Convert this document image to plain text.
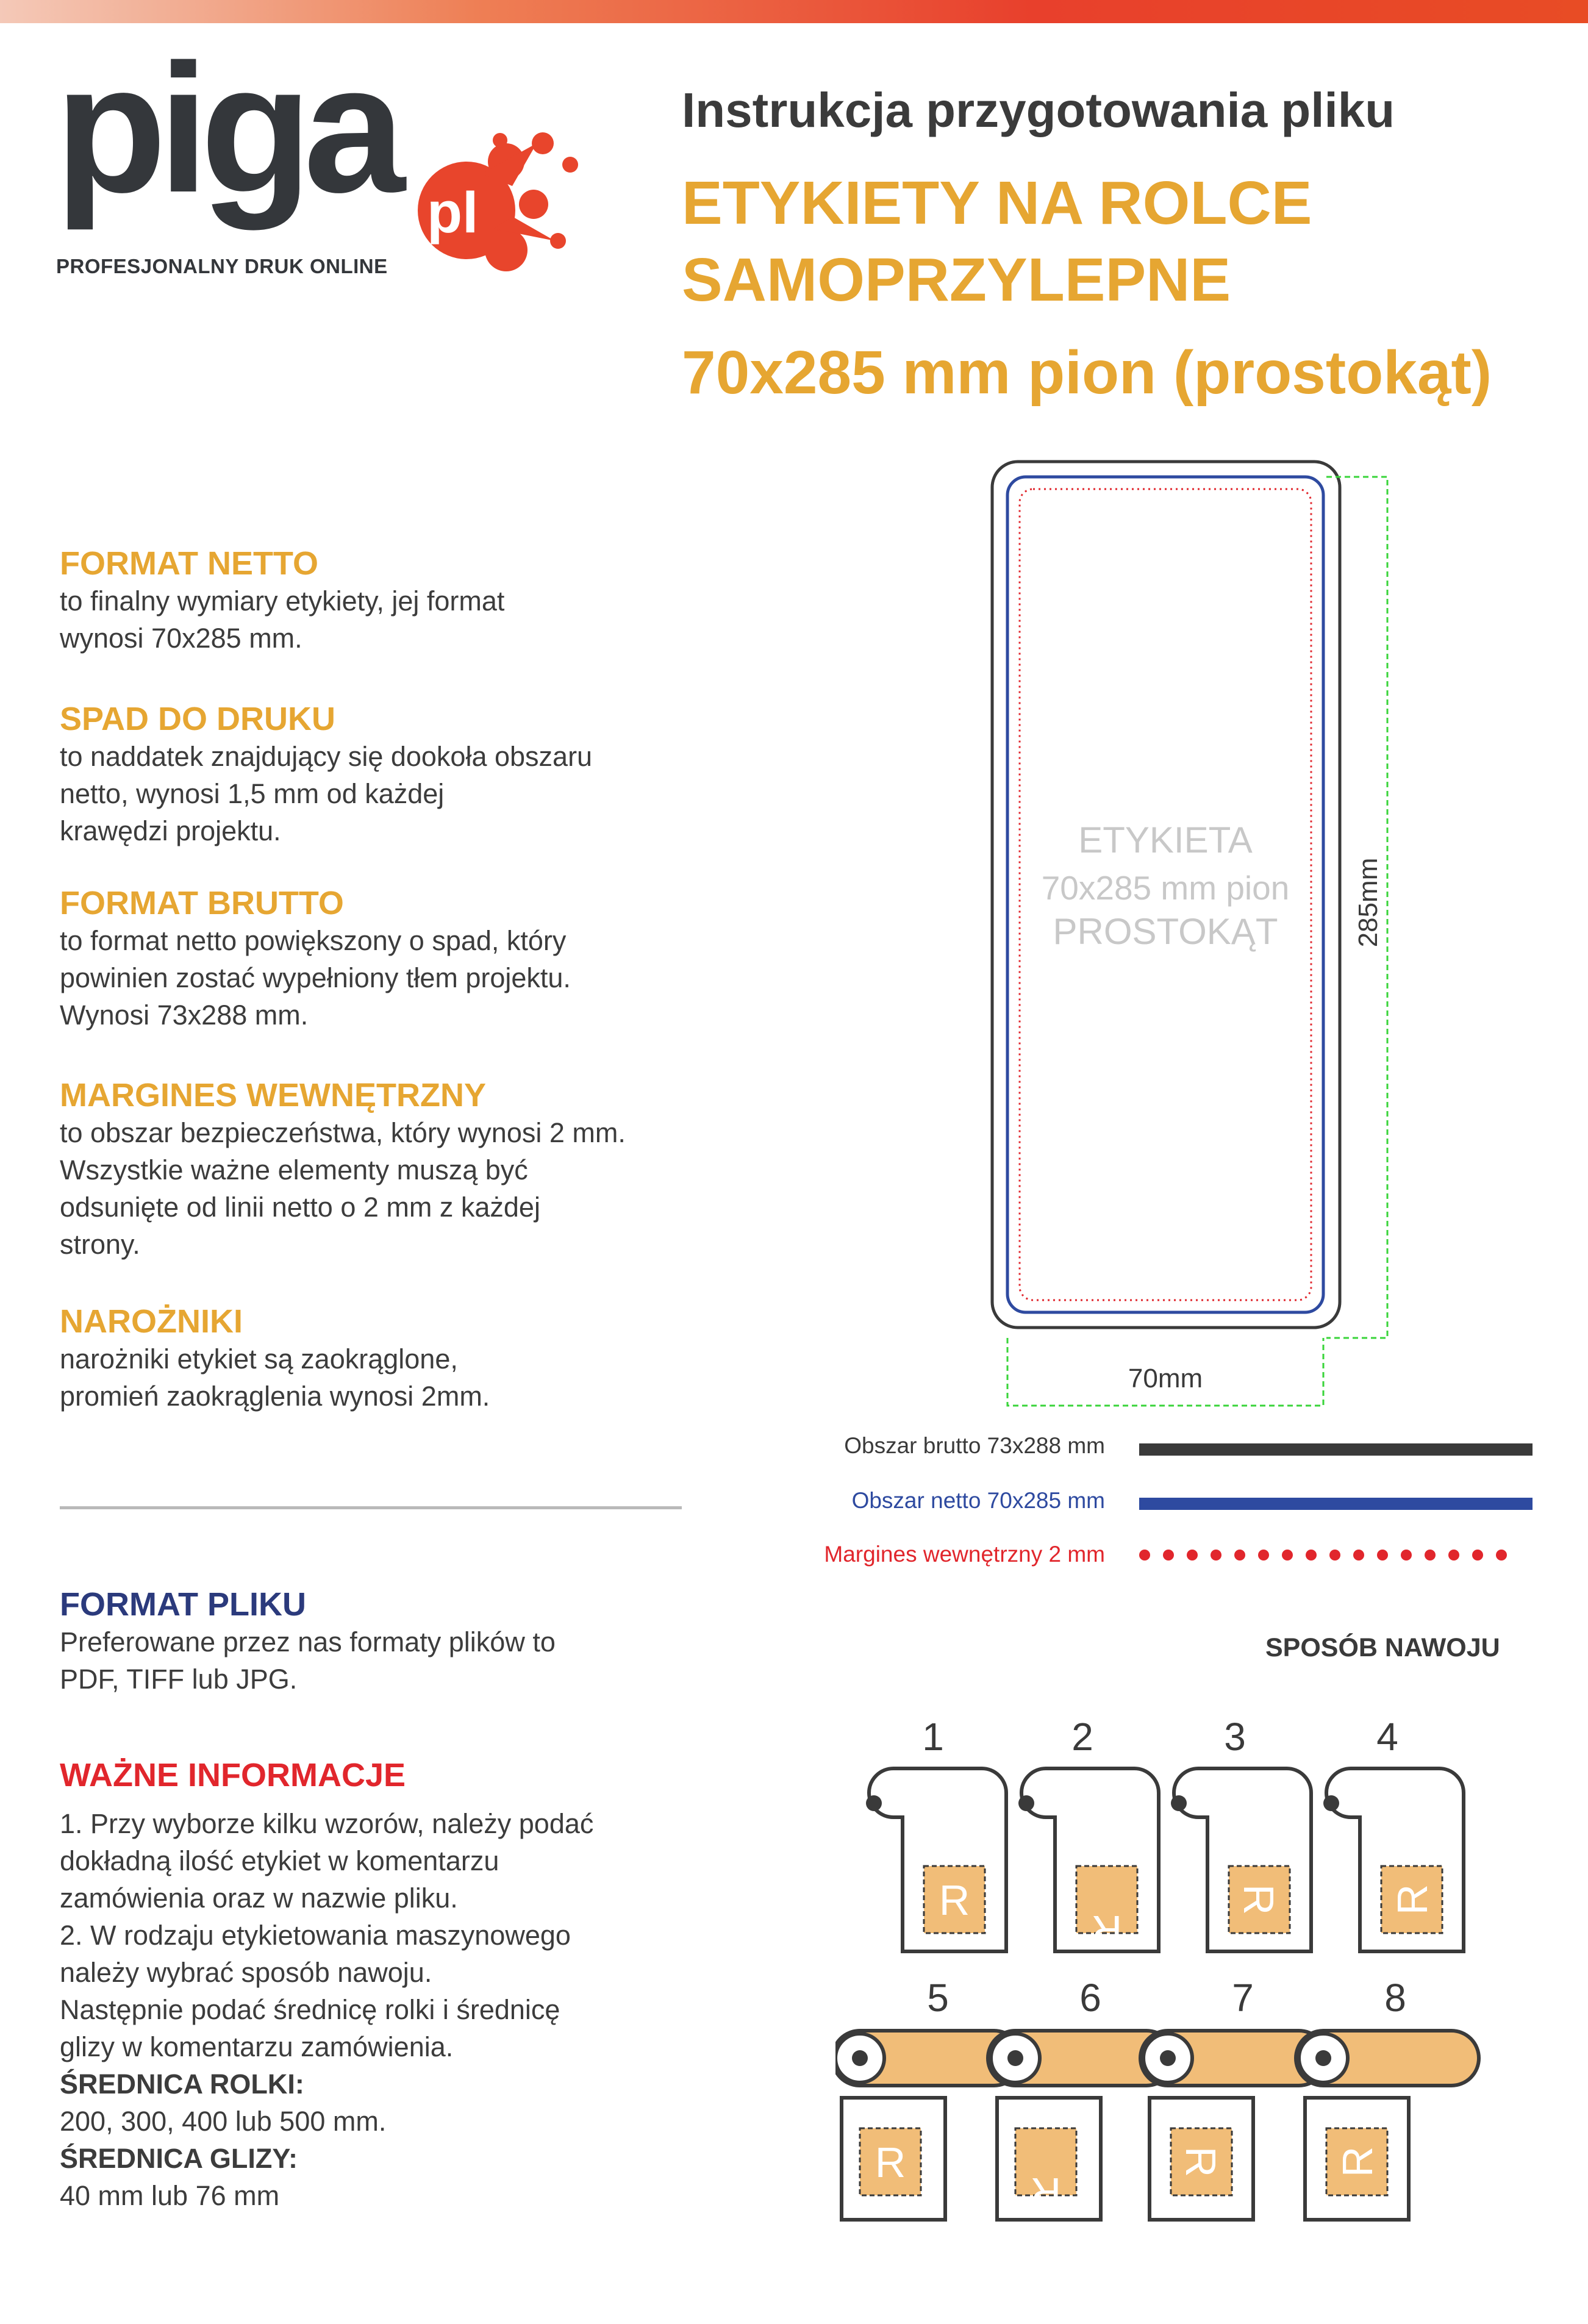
piga pl
PROFESJONALNY DRUK ONLINE
Instrukcja przygotowania pliku
ETYKIETY NA ROLCE
SAMOPRZYLEPNE
70x285 mm pion (prostokąt)
FORMAT NETTO
to finalny wymiary etykiety, jej format
wynosi 70x285 mm.
SPAD DO DRUKU
to naddatek znajdujący się dookoła obszaru
netto, wynosi 1,5 mm od każdej
krawędzi projektu.
FORMAT BRUTTO
to format netto powiększony o spad, który
powinien zostać wypełniony tłem projektu.
Wynosi 73x288 mm.
MARGINES WEWNĘTRZNY
to obszar bezpieczeństwa, który wynosi 2 mm.
Wszystkie ważne elementy muszą być
odsunięte od linii netto o 2 mm z każdej
strony.
NAROŻNIKI
narożniki etykiet są zaokrąglone,
promień zaokrąglenia wynosi 2mm.
FORMAT PLIKU
Preferowane przez nas formaty plików to
PDF, TIFF lub JPG.
WAŻNE INFORMACJE
1. Przy wyborze kilku wzorów, należy podać
dokładną ilość etykiet w komentarzu
zamówienia oraz w nazwie pliku.
2. W rodzaju etykietowania maszynowego
należy wybrać sposób nawoju.
Następnie podać średnicę rolki i średnicę
glizy w komentarzu zamówienia.
ŚREDNICA ROLKI:
200, 300, 400 lub 500 mm.
ŚREDNICA GLIZY:
40 mm lub 76 mm
ETYKIETA
70x285 mm pion
PROSTOKĄT	285mm
70mm
Obszar brutto 73x288 mm
Obszar netto 70x285 mm
Margines wewnętrzny 2 mm
SPOSÓB NAWOJU
1
R
2
R
3
R
4
R
5
R
6
R
7
R
8
R
